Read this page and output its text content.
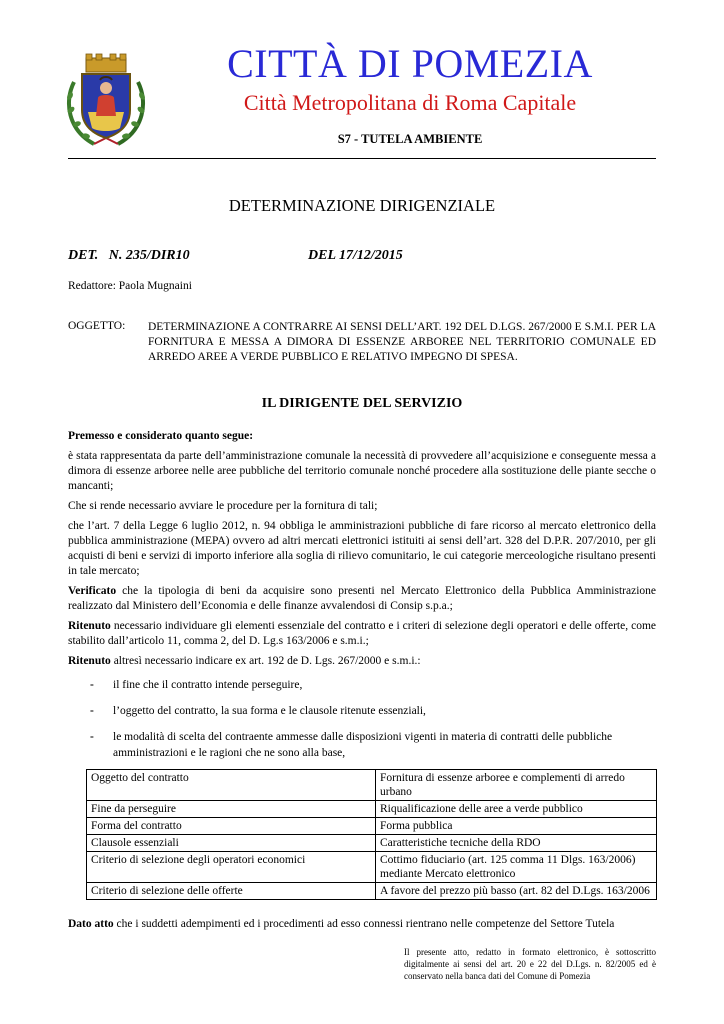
CITTÀ DI POMEZIA
Città Metropolitana di Roma Capitale
S7 - TUTELA AMBIENTE
DETERMINAZIONE DIRIGENZIALE
DET.   N. 235/DIR10	DEL 17/12/2015
Redattore: Paola Mugnaini
OGGETTO: DETERMINAZIONE A CONTRARRE AI SENSI DELL’ART. 192 DEL D.LGS. 267/2000 E S.M.I. PER LA FORNITURA E MESSA A DIMORA DI ESSENZE ARBOREE NEL TERRITORIO COMUNALE ED ARREDO AREE A VERDE PUBBLICO E RELATIVO IMPEGNO DI SPESA.
IL DIRIGENTE DEL SERVIZIO

Premesso e considerato quanto segue:

è stata rappresentata da parte dell’amministrazione comunale la necessità di provvedere all’acquisizione e conseguente messa a dimora di essenze arboree nelle aree pubbliche del territorio comunale nonché procedere alla sostituzione delle piante secche o mancanti;

Che si rende necessario avviare le procedure per la fornitura di tali;

che l’art. 7 della Legge 6 luglio 2012, n. 94 obbliga le amministrazioni pubbliche di fare ricorso al mercato elettronico della pubblica amministrazione (MEPA) ovvero ad altri mercati elettronici istituiti ai sensi dell’art. 328 del D.P.R. 207/2010, per gli acquisti di beni e servizi di importo inferiore alla soglia di rilievo comunitario, le cui categorie merceologiche risultano presenti in tale mercato;

Verificato che la tipologia di beni da acquisire sono presenti nel Mercato Elettronico della Pubblica Amministrazione realizzato dal Ministero dell’Economia e delle finanze avvalendosi di Consip s.p.a.;

Ritenuto necessario individuare gli elementi essenziale del contratto e i criteri di selezione degli operatori e delle offerte, come stabilito dall’articolo 11, comma 2, del D. Lg.s 163/2006 e s.m.i.;

Ritenuto altresì necessario indicare ex art. 192 de D. Lgs. 267/2000 e s.m.i.:

- il fine che il contratto intende perseguire,
- l’oggetto del contratto, la sua forma e le clausole ritenute essenziali,
- le modalità di scelta del contraente ammesse dalle disposizioni vigenti in materia di contratti delle pubbliche amministrazioni e le ragioni che ne sono alla base,
Oggetto del contratto	Fornitura di essenze arboree e complementi di arredo urbano
Fine da perseguire	Riqualificazione delle aree a verde pubblico
Forma del contratto	Forma pubblica
Clausole essenziali	Caratteristiche tecniche della RDO
Criterio di selezione degli operatori economici	Cottimo fiduciario (art. 125 comma 11 Dlgs. 163/2006) mediante Mercato elettronico
Criterio di selezione delle offerte	A favore del prezzo più basso (art. 82 del D.Lgs. 163/2006
Dato atto che i suddetti adempimenti ed i procedimenti ad esso connessi rientrano nelle competenze del Settore Tutela
Il presente atto, redatto in formato elettronico, è sottoscritto digitalmente ai sensi del art. 20 e 22 del D.Lgs. n. 82/2005 ed è conservato nella banca dati del Comune di Pomezia
